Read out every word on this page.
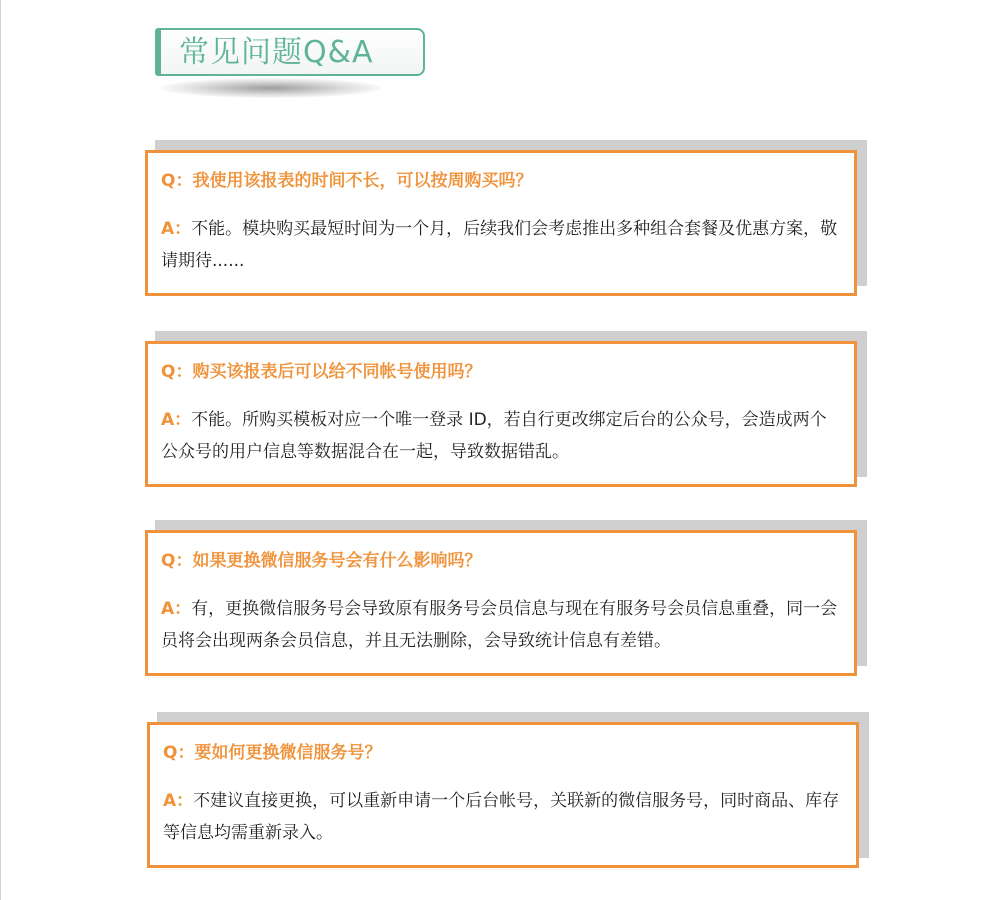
常见问题Q&A
Q：我使用该报表的时间不长，可以按周购买吗？
A：不能。模块购买最短时间为一个月，后续我们会考虑推出多种组合套餐及优惠方案，敬请期待......
Q：购买该报表后可以给不同帐号使用吗？
A：不能。所购买模板对应一个唯一登录 ID，若自行更改绑定后台的公众号，会造成两个公众号的用户信息等数据混合在一起，导致数据错乱。
Q：如果更换微信服务号会有什么影响吗？
A：有，更换微信服务号会导致原有服务号会员信息与现在有服务号会员信息重叠，同一会员将会出现两条会员信息，并且无法删除，会导致统计信息有差错。
Q：要如何更换微信服务号？
A：不建议直接更换，可以重新申请一个后台帐号，关联新的微信服务号，同时商品、库存等信息均需重新录入。
